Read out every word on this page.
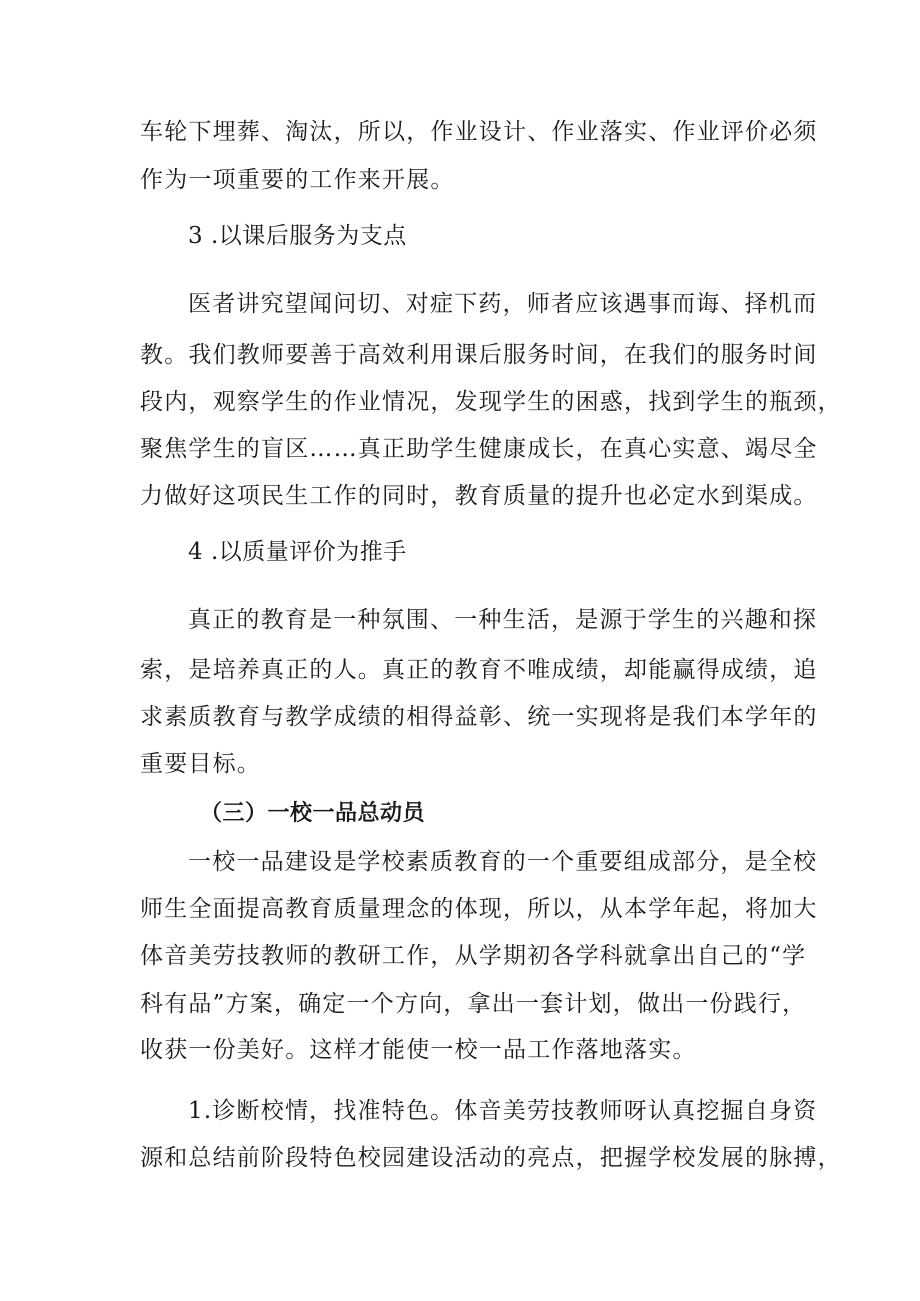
车轮下埋葬、淘汰，所以，作业设计、作业落实、作业评价必须
作为一项重要的工作来开展。
3 .以课后服务为支点
医者讲究望闻问切、对症下药，师者应该遇事而诲、择机而
教。我们教师要善于高效利用课后服务时间，在我们的服务时间
段内，观察学生的作业情况，发现学生的困惑，找到学生的瓶颈，
聚焦学生的盲区……真正助学生健康成长，在真心实意、竭尽全
力做好这项民生工作的同时，教育质量的提升也必定水到渠成。
4 .以质量评价为推手
真正的教育是一种氛围、一种生活，是源于学生的兴趣和探
索，是培养真正的人。真正的教育不唯成绩，却能赢得成绩，追
求素质教育与教学成绩的相得益彰、统一实现将是我们本学年的
重要目标。
（三）一校一品总动员
一校一品建设是学校素质教育的一个重要组成部分，是全校
师生全面提高教育质量理念的体现，所以，从本学年起，将加大
体音美劳技教师的教研工作，从学期初各学科就拿出自己的“学
科有品”方案，确定一个方向，拿出一套计划，做出一份践行，
收获一份美好。这样才能使一校一品工作落地落实。
1.诊断校情，找准特色。体音美劳技教师呀认真挖掘自身资
源和总结前阶段特色校园建设活动的亮点，把握学校发展的脉搏，
